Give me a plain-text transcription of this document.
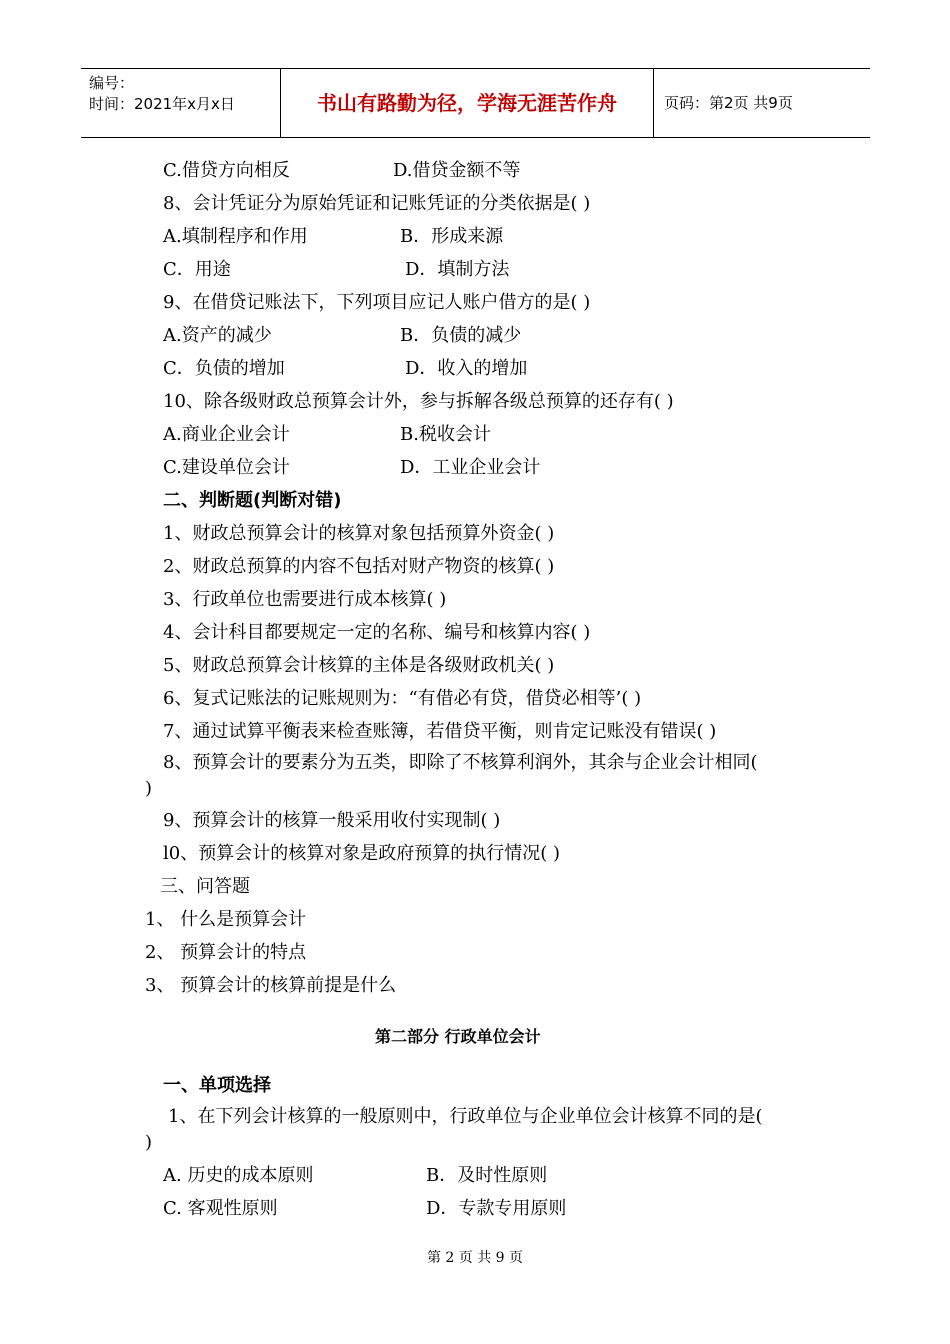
编号：
时间：2021年x月x日	书山有路勤为径，学海无涯苦作舟	页码：第2页 共9页
C.借贷方向相反	D.借贷金额不等
8、会计凭证分为原始凭证和记账凭证的分类依据是( )
A.填制程序和作用	B．形成来源
C．用途	D．填制方法
9、在借贷记账法下，下列项目应记人账户借方的是( )
A.资产的减少	B．负债的减少
C．负债的增加	D．收入的增加
10、除各级财政总预算会计外，参与拆解各级总预算的还存有( )
A.商业企业会计	B.税收会计
C.建设单位会计	D．工业企业会计
二、判断题(判断对错)
1、财政总预算会计的核算对象包括预算外资金( )
2、财政总预算的内容不包括对财产物资的核算( )
3、行政单位也需要进行成本核算( )
4、会计科目都要规定一定的名称、编号和核算内容( )
5、财政总预算会计核算的主体是各级财政机关( )
6、复式记账法的记账规则为：“有借必有贷，借贷必相等’( )
7、通过试算平衡表来检查账簿，若借贷平衡，则肯定记账没有错误( )
8、预算会计的要素分为五类，即除了不核算利润外，其余与企业会计相同(
)
9、预算会计的核算一般采用收付实现制( )
l0、预算会计的核算对象是政府预算的执行情况( )
三、问答题
1、 什么是预算会计
2、 预算会计的特点
3、 预算会计的核算前提是什么
第二部分 行政单位会计
一、单项选择
1、在下列会计核算的一般原则中，行政单位与企业单位会计核算不同的是(
)
A. 历史的成本原则	B．及时性原则
C. 客观性原则	D．专款专用原则
第 2 页 共 9 页
